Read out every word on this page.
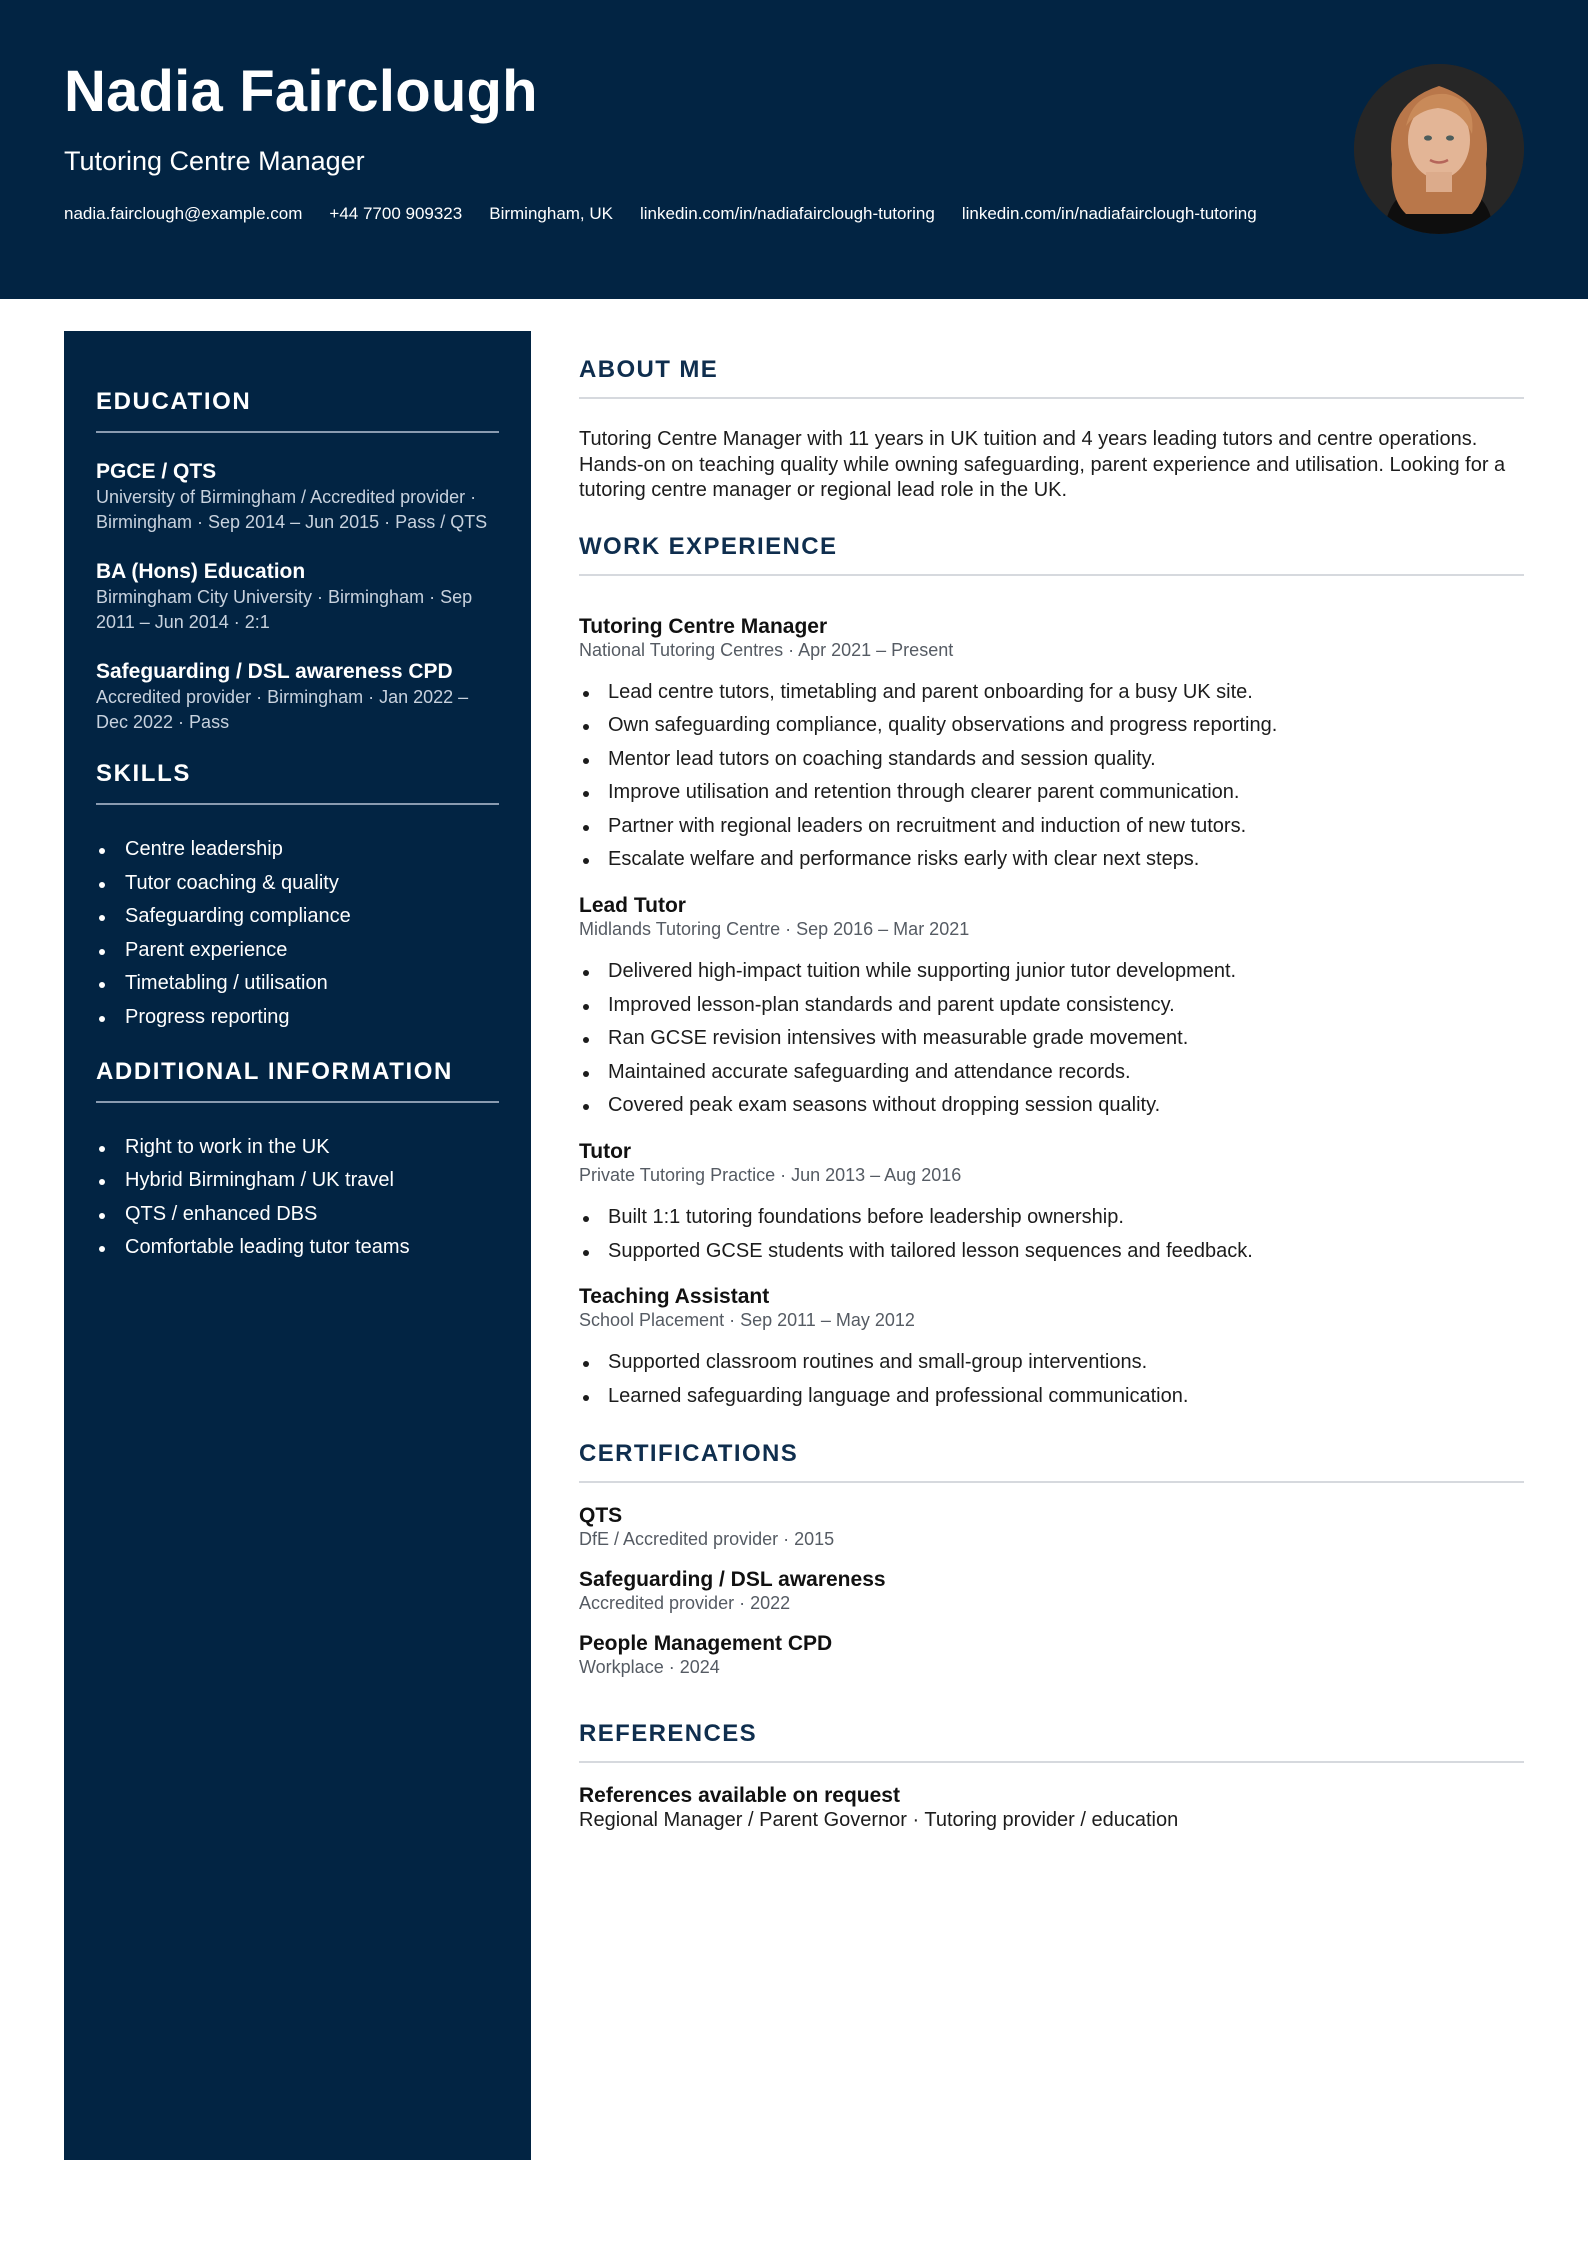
Nadia Fairclough
Tutoring Centre Manager
nadia.fairclough@example.com +44 7700 909323 Birmingham, UK linkedin.com/in/nadiafairclough-tutoring linkedin.com/in/nadiafairclough-tutoring
EDUCATION
PGCE / QTS
University of Birmingham / Accredited provider · Birmingham · Sep 2014 – Jun 2015 · Pass / QTS
BA (Hons) Education
Birmingham City University · Birmingham · Sep 2011 – Jun 2014 · 2:1
Safeguarding / DSL awareness CPD
Accredited provider · Birmingham · Jan 2022 – Dec 2022 · Pass
SKILLS
Centre leadership
Tutor coaching & quality
Safeguarding compliance
Parent experience
Timetabling / utilisation
Progress reporting
ADDITIONAL INFORMATION
Right to work in the UK
Hybrid Birmingham / UK travel
QTS / enhanced DBS
Comfortable leading tutor teams
ABOUT ME

Tutoring Centre Manager with 11 years in UK tuition and 4 years leading tutors and centre operations. Hands-on on teaching quality while owning safeguarding, parent experience and utilisation. Looking for a tutoring centre manager or regional lead role in the UK.

WORK EXPERIENCE
Tutoring Centre Manager
National Tutoring Centres · Apr 2021 – Present
Lead centre tutors, timetabling and parent onboarding for a busy UK site.
Own safeguarding compliance, quality observations and progress reporting.
Mentor lead tutors on coaching standards and session quality.
Improve utilisation and retention through clearer parent communication.
Partner with regional leaders on recruitment and induction of new tutors.
Escalate welfare and performance risks early with clear next steps.
Lead Tutor
Midlands Tutoring Centre · Sep 2016 – Mar 2021
Delivered high-impact tuition while supporting junior tutor development.
Improved lesson-plan standards and parent update consistency.
Ran GCSE revision intensives with measurable grade movement.
Maintained accurate safeguarding and attendance records.
Covered peak exam seasons without dropping session quality.
Tutor
Private Tutoring Practice · Jun 2013 – Aug 2016
Built 1:1 tutoring foundations before leadership ownership.
Supported GCSE students with tailored lesson sequences and feedback.
Teaching Assistant
School Placement · Sep 2011 – May 2012
Supported classroom routines and small-group interventions.
Learned safeguarding language and professional communication.
CERTIFICATIONS
QTS
DfE / Accredited provider · 2015
Safeguarding / DSL awareness
Accredited provider · 2022
People Management CPD
Workplace · 2024
REFERENCES
References available on request
Regional Manager / Parent Governor · Tutoring provider / education
